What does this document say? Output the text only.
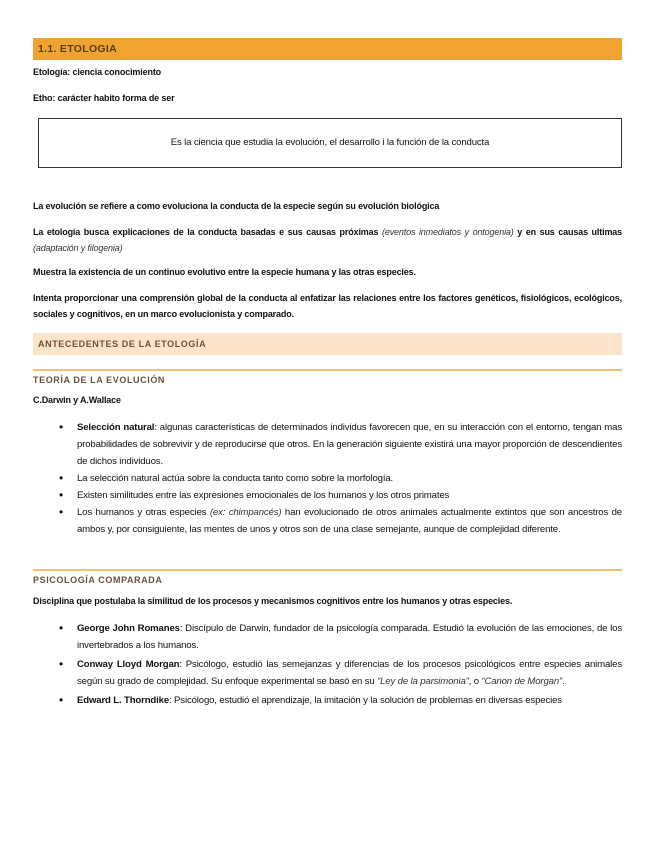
1.1. ETOLOGIA
Etología: ciencia conocimiento
Etho: carácter habito forma de ser
Es la ciencia que estudia la evolución, el desarrollo i la función de la conducta
La evolución se refiere a como evoluciona la conducta de la especie según su evolución biológica
La etología busca explicaciones de la conducta basadas e sus causas próximas (eventos inmediatos y ontogenia) y en sus causas ultimas (adaptación y filogenia)
Muestra la existencia de un continuo evolutivo entre la especie humana y las otras especies.
Intenta proporcionar una comprensión global de la conducta al enfatizar las relaciones entre los factores genéticos, fisiológicos, ecológicos, sociales y cognitivos, en un marco evolucionista y comparado.
ANTECEDENTES DE LA ETOLOGÍA
TEORÍA DE LA EVOLUCIÓN
C.Darwin y A.Wallace
• Selección natural: algunas características de determinados individus favorecen que, en su interacción con el entorno, tengan mas probabilidades de sobrevivir y de reproducirse que otros. En la generación siguiente existirá una mayor proporción de descendientes de dichos individuos.
• La selección natural actúa sobre la conducta tanto como sobre la morfología.
• Existen similitudes entre las expresiones emocionales de los humanos y los otros primates
• Los humanos y otras especies (ex: chimpancés) han evolucionado de otros animales actualmente extintos que son ancestros de ambos y, por consiguiente, las mentes de unos y otros son de una clase semejante, aunque de complejidad diferente.
PSICOLOGÍA COMPARADA
Disciplina que postulaba la similitud de los procesos y mecanismos cognitivos entre los humanos y otras especies.
• George John Romanes: Discípulo de Darwin, fundador de la psicología comparada. Estudió la evolución de las emociones, de los invertebrados a los humanos.
• Conway Lloyd Morgan: Psicólogo, estudió las semejanzas y diferencias de los procesos psicológicos entre especies animales según su grado de complejidad. Su enfoque experimental se basó en su “Ley de la parsimonia”, o “Canon de Morgan”.
• Edward L. Thorndike: Psicólogo, estudió el aprendizaje, la imitación y la solución de problemas en diversas especies
